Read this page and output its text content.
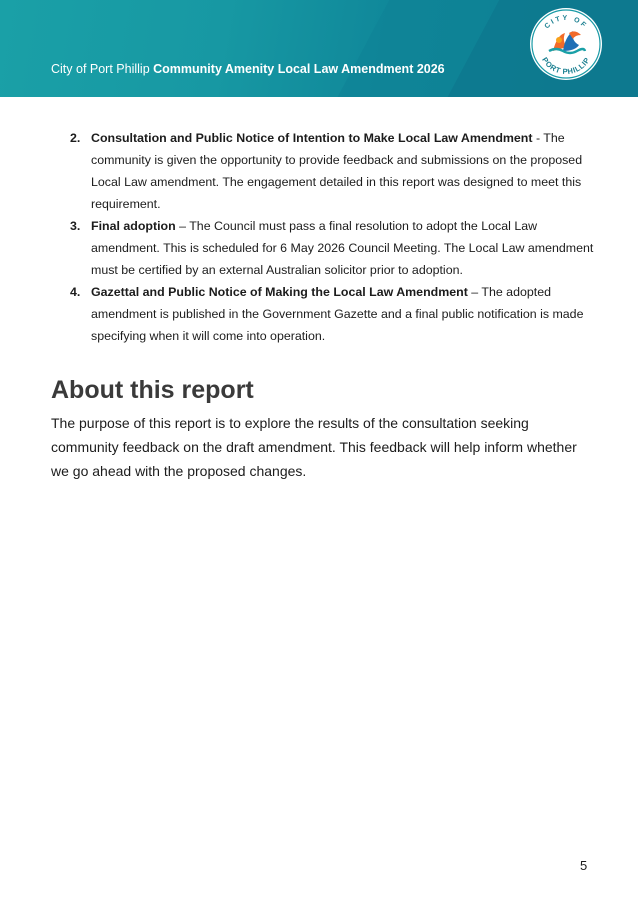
City of Port Phillip Community Amenity Local Law Amendment 2026
CITY OF
PORT PHILLIP
2. Consultation and Public Notice of Intention to Make Local Law Amendment - The community is given the opportunity to provide feedback and submissions on the proposed Local Law amendment. The engagement detailed in this report was designed to meet this requirement.
3. Final adoption – The Council must pass a final resolution to adopt the Local Law amendment. This is scheduled for 6 May 2026 Council Meeting. The Local Law amendment must be certified by an external Australian solicitor prior to adoption.
4. Gazettal and Public Notice of Making the Local Law Amendment – The adopted amendment is published in the Government Gazette and a final public notification is made specifying when it will come into operation.
About this report

The purpose of this report is to explore the results of the consultation seeking community feedback on the draft amendment. This feedback will help inform whether we go ahead with the proposed changes.

5
